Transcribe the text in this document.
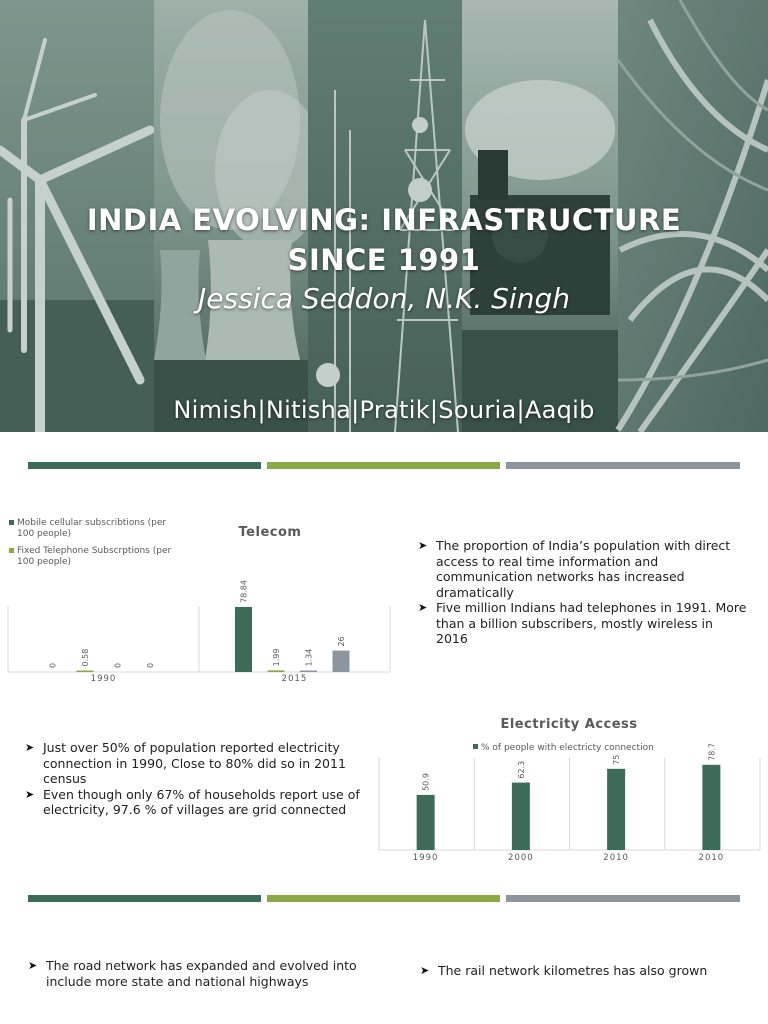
INDIA EVOLVING: INFRASTRUCTURE
SINCE 1991
Jessica Seddon, N.K. Singh
Nimish|Nitisha|Pratik|Souria|Aaqib
Telecom
Mobile cellular subscribtions (per 100 people)
Fixed Telephone Subscrptions (per 100 people)
0	0.58	0	0
1990
78.84
1.99	1.34
26
2015
➤ The proportion of India’s population with direct access to real time information and communication networks has increased dramatically
➤ Five million Indians had telephones in 1991. More than a billion subscribers, mostly wireless in 2016
➤ Just over 50% of population reported electricity connection in 1990, Close to 80% did so in 2011 census
➤ Even though only 67% of households report use of electricity, 97.6 % of villages are grid connected
Electricity Access
% of people with electricty connection
50.9
1990
62.3
2000
75
2010
78.7
2010
➤ The road network has expanded and evolved into include more state and national highways
➤ The rail network kilometres has also grown
